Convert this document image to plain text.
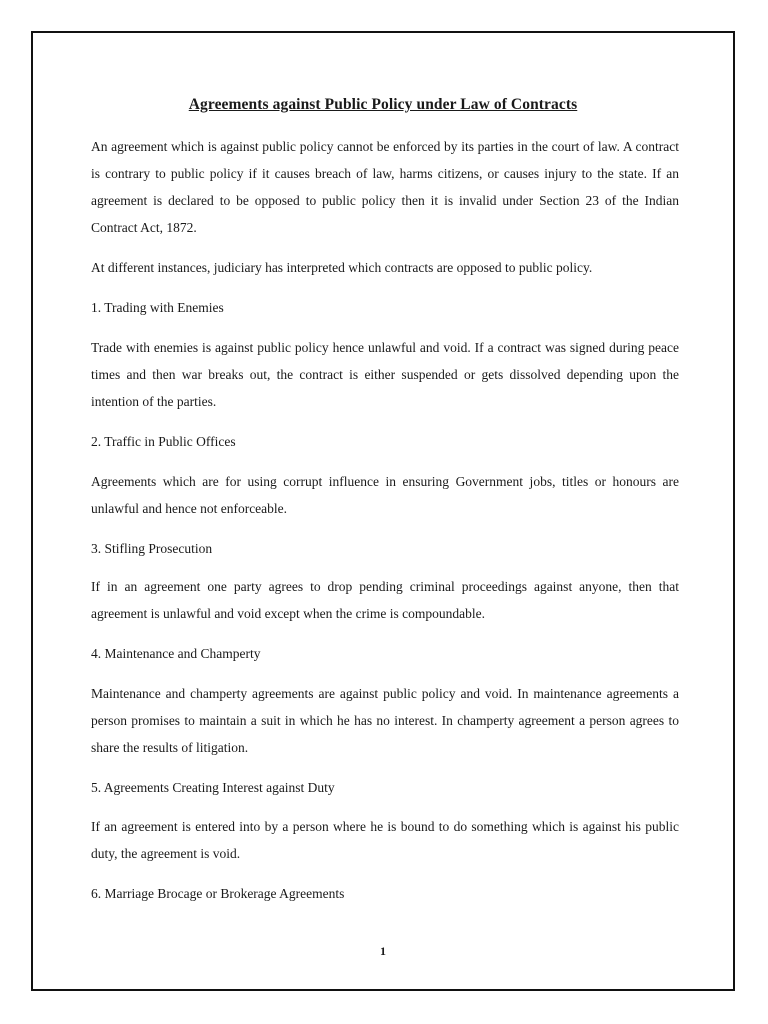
Agreements against Public Policy under Law of Contracts

An agreement which is against public policy cannot be enforced by its parties in the court of law. A contract is contrary to public policy if it causes breach of law, harms citizens, or causes injury to the state. If an agreement is declared to be opposed to public policy then it is invalid under Section 23 of the Indian Contract Act, 1872.

At different instances, judiciary has interpreted which contracts are opposed to public policy.

1. Trading with Enemies

Trade with enemies is against public policy hence unlawful and void. If a contract was signed during peace times and then war breaks out, the contract is either suspended or gets dissolved depending upon the intention of the parties.

2. Traffic in Public Offices

Agreements which are for using corrupt influence in ensuring Government jobs, titles or honours are unlawful and hence not enforceable.

3. Stifling Prosecution

If in an agreement one party agrees to drop pending criminal proceedings against anyone, then that agreement is unlawful and void except when the crime is compoundable.

4. Maintenance and Champerty

Maintenance and champerty agreements are against public policy and void. In maintenance agreements a person promises to maintain a suit in which he has no interest. In champerty agreement a person agrees to share the results of litigation.

5. Agreements Creating Interest against Duty

If an agreement is entered into by a person where he is bound to do something which is against his public duty, the agreement is void.

6. Marriage Brocage or Brokerage Agreements

1
